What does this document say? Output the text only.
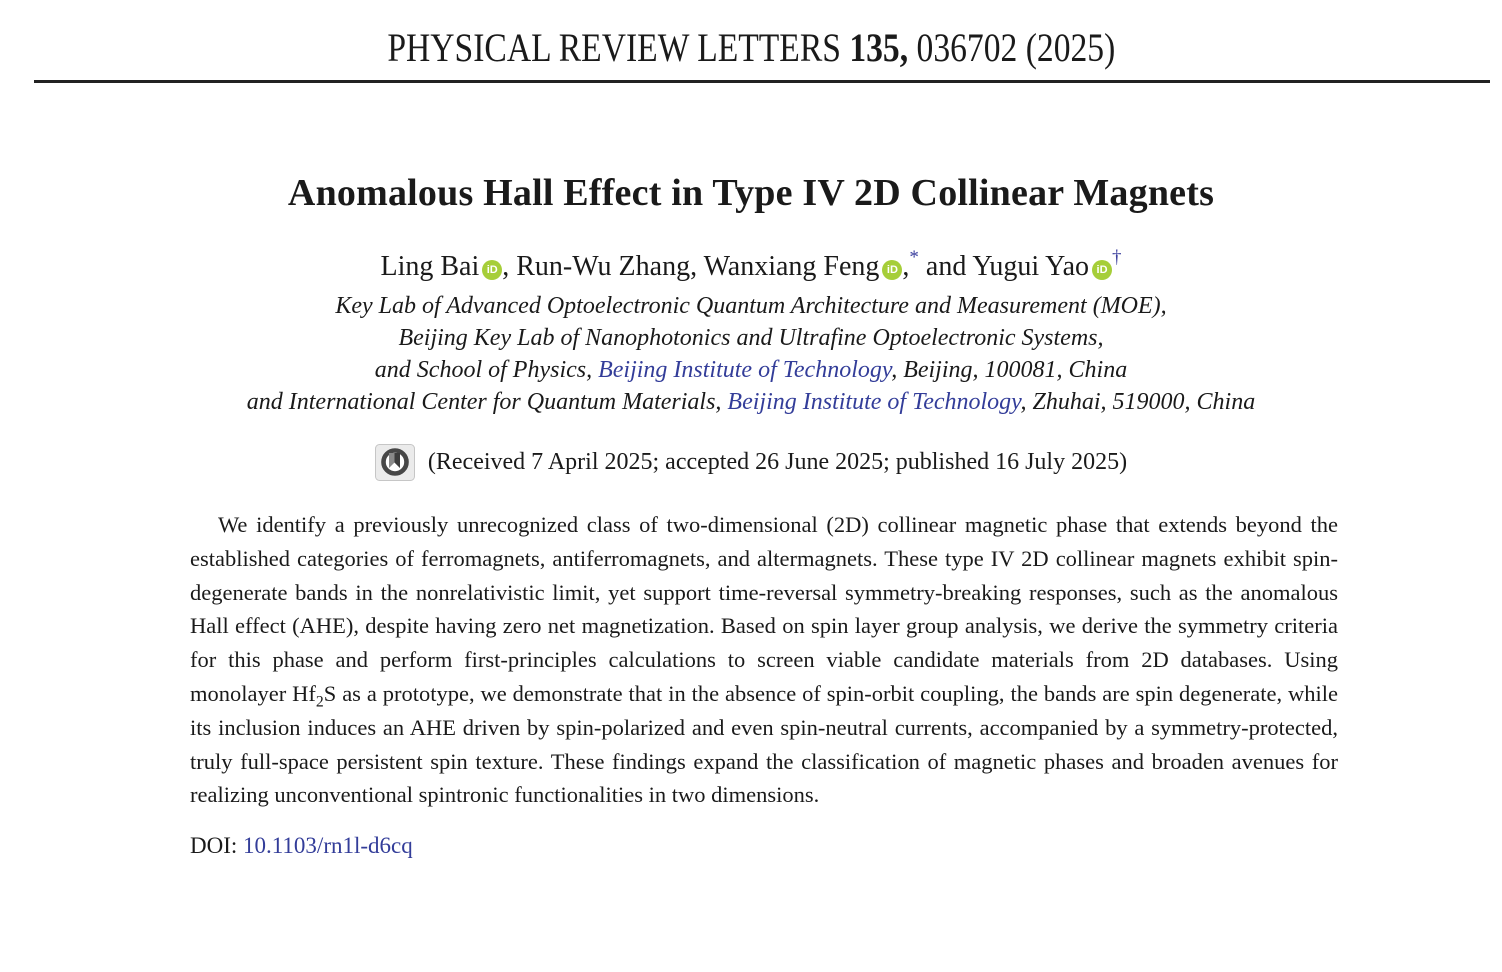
PHYSICAL REVIEW LETTERS 135, 036702 (2025)
Anomalous Hall Effect in Type IV 2D Collinear Magnets
Ling Bai iD , Run-Wu Zhang, Wanxiang Feng iD ,* and Yugui Yao iD†
Key Lab of Advanced Optoelectronic Quantum Architecture and Measurement (MOE),
Beijing Key Lab of Nanophotonics and Ultrafine Optoelectronic Systems,
and School of Physics, Beijing Institute of Technology, Beijing, 100081, China
and International Center for Quantum Materials, Beijing Institute of Technology, Zhuhai, 519000, China
(Received 7 April 2025; accepted 26 June 2025; published 16 July 2025)

We identify a previously unrecognized class of two-dimensional (2D) collinear magnetic phase that extends beyond the established categories of ferromagnets, antiferromagnets, and altermagnets. These type IV 2D collinear magnets exhibit spin-degenerate bands in the nonrelativistic limit, yet support time-reversal symmetry-breaking responses, such as the anomalous Hall effect (AHE), despite having zero net magnetization. Based on spin layer group analysis, we derive the symmetry criteria for this phase and perform first-principles calculations to screen viable candidate materials from 2D databases. Using monolayer $Hf_2S$ as a prototype, we demonstrate that in the absence of spin-orbit coupling, the bands are spin degenerate, while its inclusion induces an AHE driven by spin-polarized and even spin-neutral currents, accompanied by a symmetry-protected, truly full-space persistent spin texture. These findings expand the classification of magnetic phases and broaden avenues for realizing unconventional spintronic functionalities in two dimensions.

DOI: 10.1103/rn1l-d6cq
